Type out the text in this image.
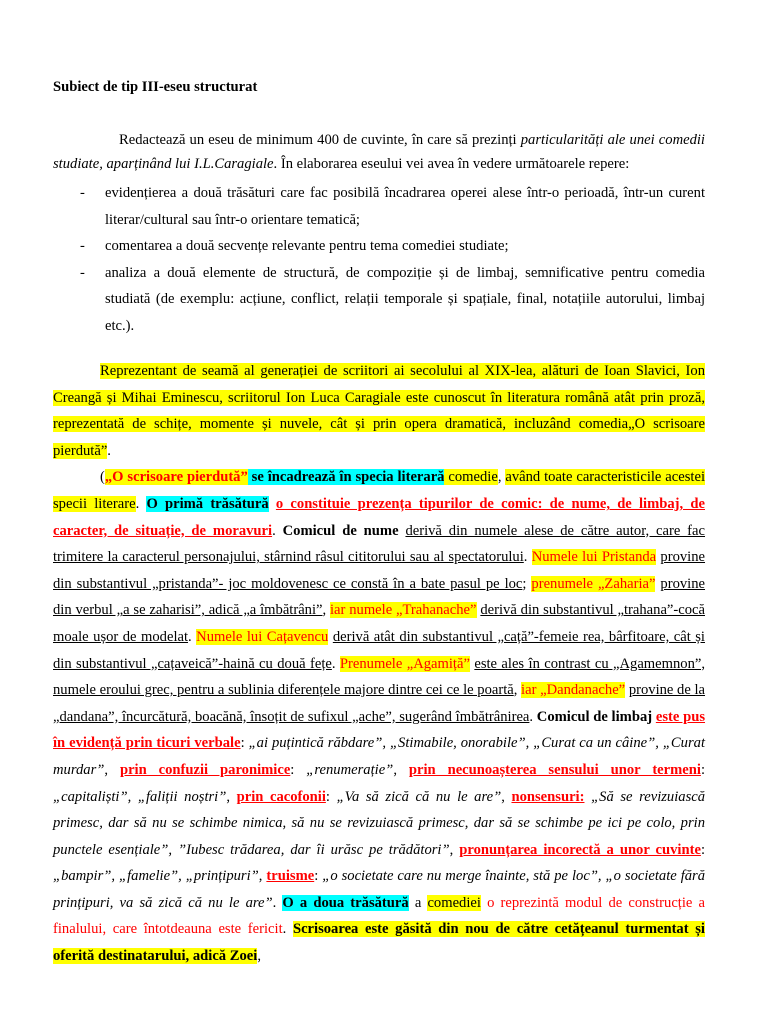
Subiect de tip III-eseu structurat

Redactează un eseu de minimum 400 de cuvinte, în care să prezinți particularități ale unei comedii studiate, aparținând lui I.L.Caragiale. În elaborarea eseului vei avea în vedere următoarele repere:

- evidențierea a două trăsături care fac posibilă încadrarea operei alese într-o perioadă, într-un curent literar/cultural sau într-o orientare tematică;
- comentarea a două secvențe relevante pentru tema comediei studiate;
- analiza a două elemente de structură, de compoziție și de limbaj, semnificative pentru comedia studiată (de exemplu: acțiune, conflict, relații temporale și spațiale, final, notațiile autorului, limbaj etc.).

Reprezentant de seamă al generației de scriitori ai secolului al XIX-lea, alături de Ioan Slavici, Ion Creangă și Mihai Eminescu, scriitorul Ion Luca Caragiale este cunoscut în literatura română atât prin proză, reprezentată de schițe, momente și nuvele, cât și prin opera dramatică, incluzând comedia„O scrisoare pierdută”.

(„O scrisoare pierdută” se încadrează în specia literară comedie, având toate caracteristicile acestei specii literare. O primă trăsătură o constituie prezența tipurilor de comic: de nume, de limbaj, de caracter, de situație, de moravuri. Comicul de nume derivă din numele alese de către autor, care fac trimitere la caracterul personajului, stârnind râsul cititorului sau al spectatorului. Numele lui Pristanda provine din substantivul „pristanda”- joc moldovenesc ce constă în a bate pasul pe loc; prenumele „Zaharia” provine din verbul „a se zaharisi”, adică „a îmbătrâni”, iar numele „Trahanache” derivă din substantivul „trahana”-cocă moale ușor de modelat. Numele lui Cațavencu derivă atât din substantivul „cață”-femeie rea, bârfitoare, cât și din substantivul „cațaveică”-haină cu două fețe. Prenumele „Agamiță” este ales în contrast cu „Agamemnon”, numele eroului grec, pentru a sublinia diferențele majore dintre cei ce le poartă, iar „Dandanache” provine de la „dandana”, încurcătură, boacănă, însoțit de sufixul „ache”, sugerând îmbătrânirea. Comicul de limbaj este pus în evidență prin ticuri verbale: „ai puțintică răbdare”, „Stimabile, onorabile”, „Curat ca un câine”, „Curat murdar”, prin confuzii paronimice: „renumerație”, prin necunoașterea sensului unor termeni: „capitaliști”, „faliții noștri”, prin cacofonii: „Va să zică că nu le are”, nonsensuri: „Să se revizuiască primesc, dar să nu se schimbe nimica, să nu se revizuiască primesc, dar să se schimbe pe ici pe colo, prin punctele esențiale”, ”Iubesc trădarea, dar îi urăsc pe trădători”, pronunțarea incorectă a unor cuvinte: „bampir”, „famelie”, „prințipuri”, truisme: „o societate care nu merge înainte, stă pe loc”, „o societate fără prințipuri, va să zică că nu le are”. O a doua trăsătură a comediei o reprezintă modul de construcție a finalului, care întotdeauna este fericit. Scrisoarea este găsită din nou de către cetățeanul turmentat și oferită destinatarului, adică Zoei,
